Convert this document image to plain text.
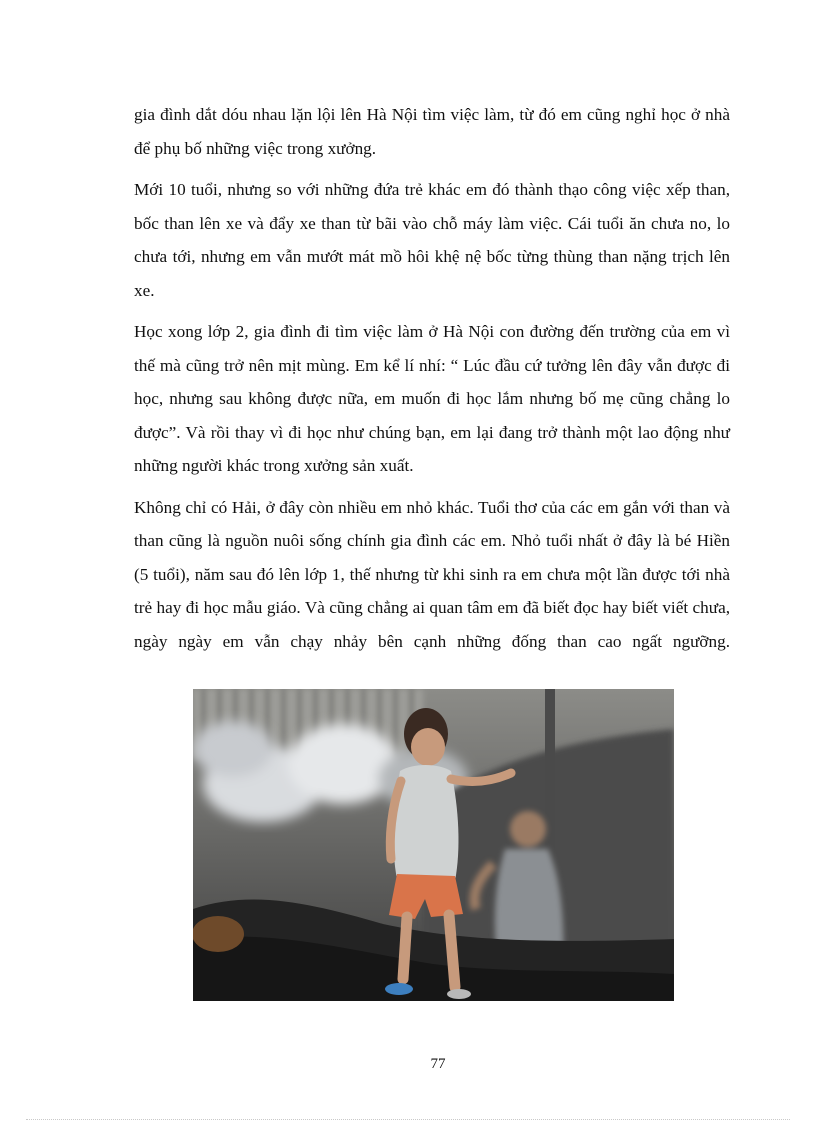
gia đình dắt dóu nhau lặn lội lên Hà Nội tìm việc làm, từ đó em cũng nghỉ học ở nhà để phụ bố những việc trong xưởng.

Mới 10 tuổi, nhưng so với những đứa trẻ khác em đó thành thạo công việc xếp than, bốc than lên xe và đẩy xe than từ bãi vào chỗ máy làm việc. Cái tuổi ăn chưa no, lo chưa tới, nhưng em vẫn mướt mát mồ hôi khệ nệ bốc từng thùng than nặng trịch lên xe.

Học xong lớp 2, gia đình đi tìm việc làm ở Hà Nội con đường đến trường của em vì thế mà cũng trở nên mịt mùng. Em kể lí nhí: “ Lúc đầu cứ tưởng lên đây vẫn được đi học, nhưng sau không được nữa, em muốn đi học lắm nhưng bố mẹ cũng chẳng lo được”. Và rồi thay vì đi học như chúng bạn, em lại đang trở thành một lao động như những người khác trong xưởng sản xuất.

Không chỉ có Hải, ở đây còn nhiều em nhỏ khác. Tuổi thơ của các em gắn với than và than cũng là nguồn nuôi sống chính gia đình các em. Nhỏ tuổi nhất ở đây là bé Hiền (5 tuổi), năm sau đó lên lớp 1, thế nhưng từ khi sinh ra em chưa một lần được tới nhà trẻ hay đi học mẫu giáo. Và cũng chẳng ai quan tâm em đã biết đọc hay biết viết chưa, ngày ngày em vẫn chạy nhảy bên cạnh những đống than cao ngất ngưỡng.

77
